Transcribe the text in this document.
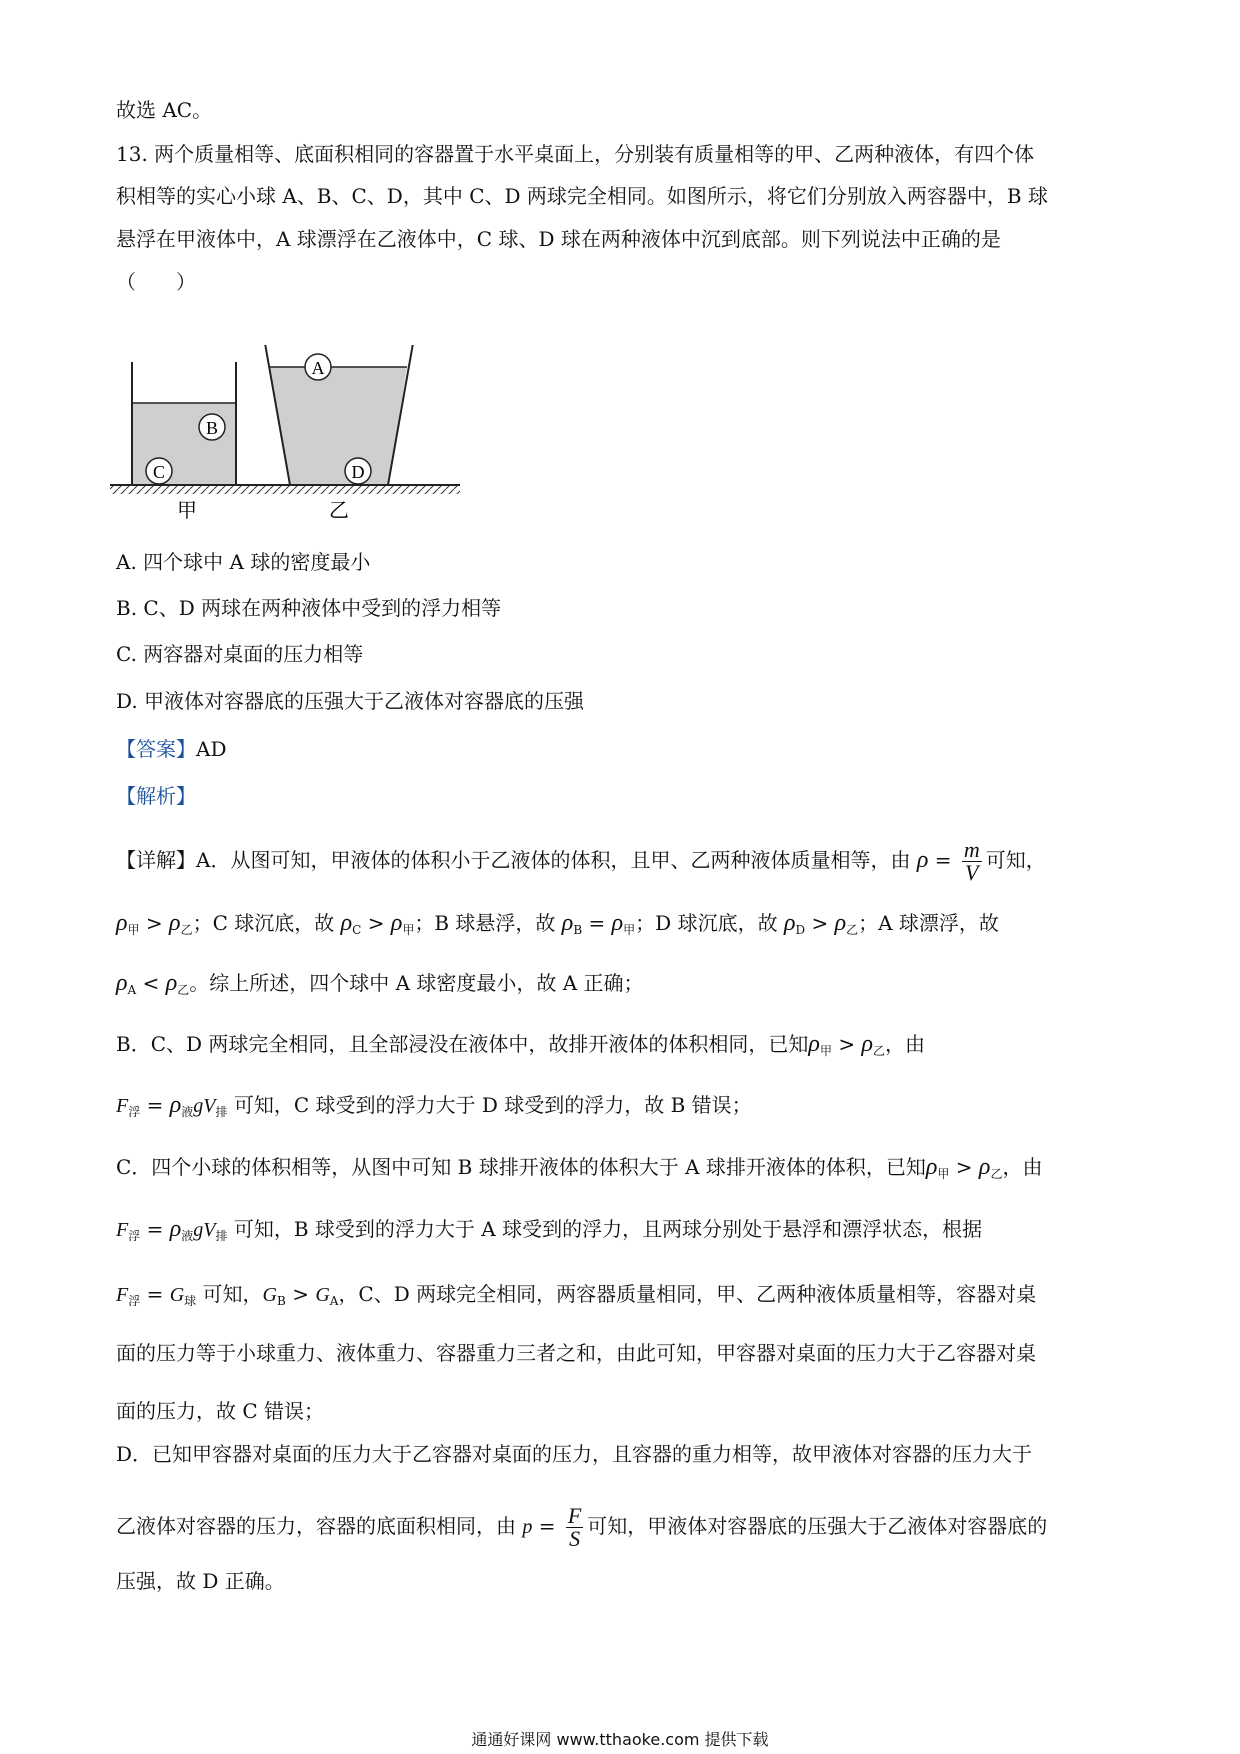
故选 AC。
13. 两个质量相等、底面积相同的容器置于水平桌面上，分别装有质量相等的甲、乙两种液体，有四个体
积相等的实心小球 A、B、C、D，其中 C、D 两球完全相同。如图所示，将它们分别放入两容器中，B 球
悬浮在甲液体中，A 球漂浮在乙液体中，C 球、D 球在两种液体中沉到底部。则下列说法中正确的是
（　　）
B
C
A
D
甲	乙
A. 四个球中 A 球的密度最小
B. C、D 两球在两种液体中受到的浮力相等
C. 两容器对桌面的压力相等
D. 甲液体对容器底的压强大于乙液体对容器底的压强
【答案】AD
【解析】
【详解】A．从图可知，甲液体的体积小于乙液体的体积，且甲、乙两种液体质量相等，由 $\rho = \frac{m}{V}$ 可知，
$\rho_甲 > \rho_乙$；C 球沉底，故 $\rho_C > \rho_甲$；B 球悬浮，故 $\rho_B = \rho_甲$；D 球沉底，故 $\rho_D > \rho_乙$；A 球漂浮，故
$\rho_A < \rho_乙$。综上所述，四个球中 A 球密度最小，故 A 正确；
B．C、D 两球完全相同，且全部浸没在液体中，故排开液体的体积相同，已知$\rho_甲 > \rho_乙$，由
$F_浮 = \rho_液gV_排$ 可知，C 球受到的浮力大于 D 球受到的浮力，故 B 错误；
C．四个小球的体积相等，从图中可知 B 球排开液体的体积大于 A 球排开液体的体积，已知$\rho_甲 > \rho_乙$，由
$F_浮 = \rho_液gV_排$ 可知，B 球受到的浮力大于 A 球受到的浮力，且两球分别处于悬浮和漂浮状态，根据
$F_浮 = G_球$ 可知，$G_B > G_A$，C、D 两球完全相同，两容器质量相同，甲、乙两种液体质量相等，容器对桌
面的压力等于小球重力、液体重力、容器重力三者之和，由此可知，甲容器对桌面的压力大于乙容器对桌
面的压力，故 C 错误；
D．已知甲容器对桌面的压力大于乙容器对桌面的压力，且容器的重力相等，故甲液体对容器的压力大于
乙液体对容器的压力，容器的底面积相同，由 $p = \frac{F}{S}$ 可知，甲液体对容器底的压强大于乙液体对容器底的
压强，故 D 正确。
通通好课网 www.tthaoke.com 提供下载
